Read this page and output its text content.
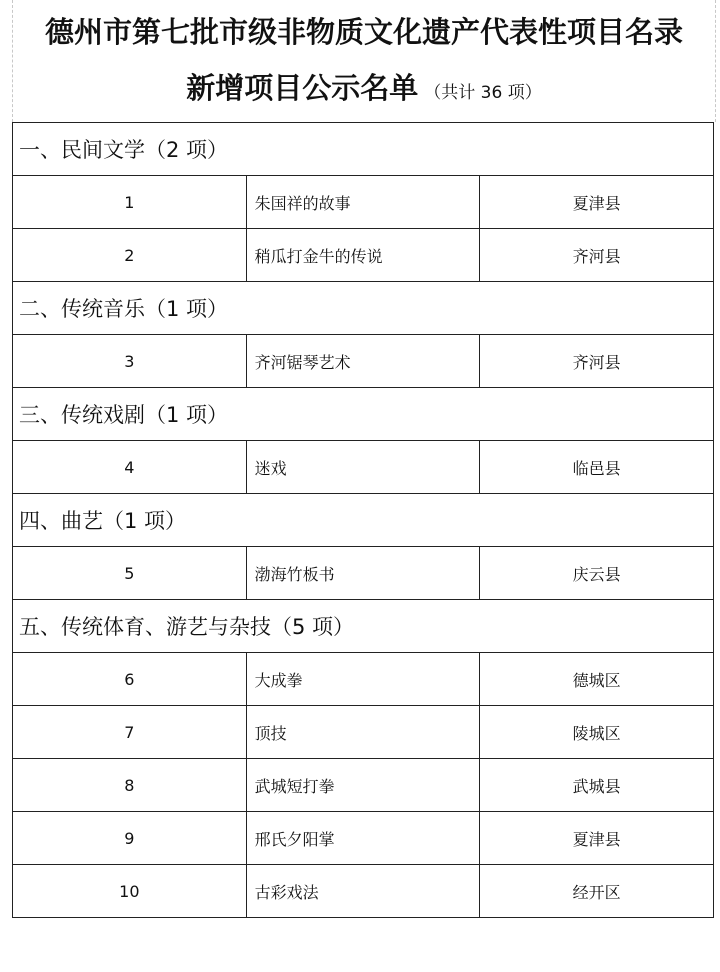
德州市第七批市级非物质文化遗产代表性项目名录
新增项目公示名单 （共计 36 项）
一、民间文学（2 项）		
1	朱国祥的故事	夏津县
2	稍瓜打金牛的传说	齐河县
二、传统音乐（1 项）		
3	齐河锯琴艺术	齐河县
三、传统戏剧（1 项）		
4	迷戏	临邑县
四、曲艺（1 项）		
5	渤海竹板书	庆云县
五、传统体育、游艺与杂技（5 项）		
6	大成拳	德城区
7	顶技	陵城区
8	武城短打拳	武城县
9	邢氏夕阳掌	夏津县
10	古彩戏法	经开区
